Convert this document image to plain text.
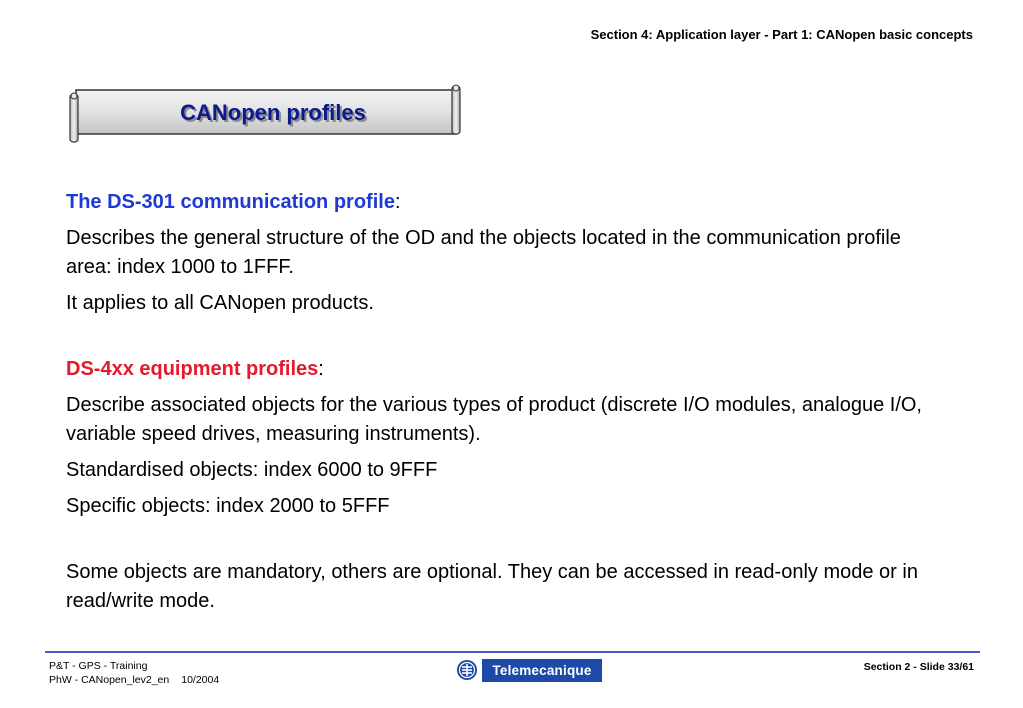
Section 4: Application layer - Part 1: CANopen basic concepts
CANopen profiles
The DS-301 communication profile:
Describes the general structure of the OD and the objects located in the communication profile area: index 1000 to 1FFF.
It applies to all CANopen products.
DS-4xx equipment profiles:
Describe associated objects for the various types of product (discrete I/O modules, analogue I/O, variable speed drives, measuring instruments).
Standardised objects: index 6000 to 9FFF
Specific objects: index 2000 to 5FFF
Some objects are mandatory, others are optional. They can be accessed in read-only mode or in read/write mode.
P&T - GPS - Training
PhW - CANopen_lev2_en 10/2004
Telemecanique	Section 2 - Slide 33/61
